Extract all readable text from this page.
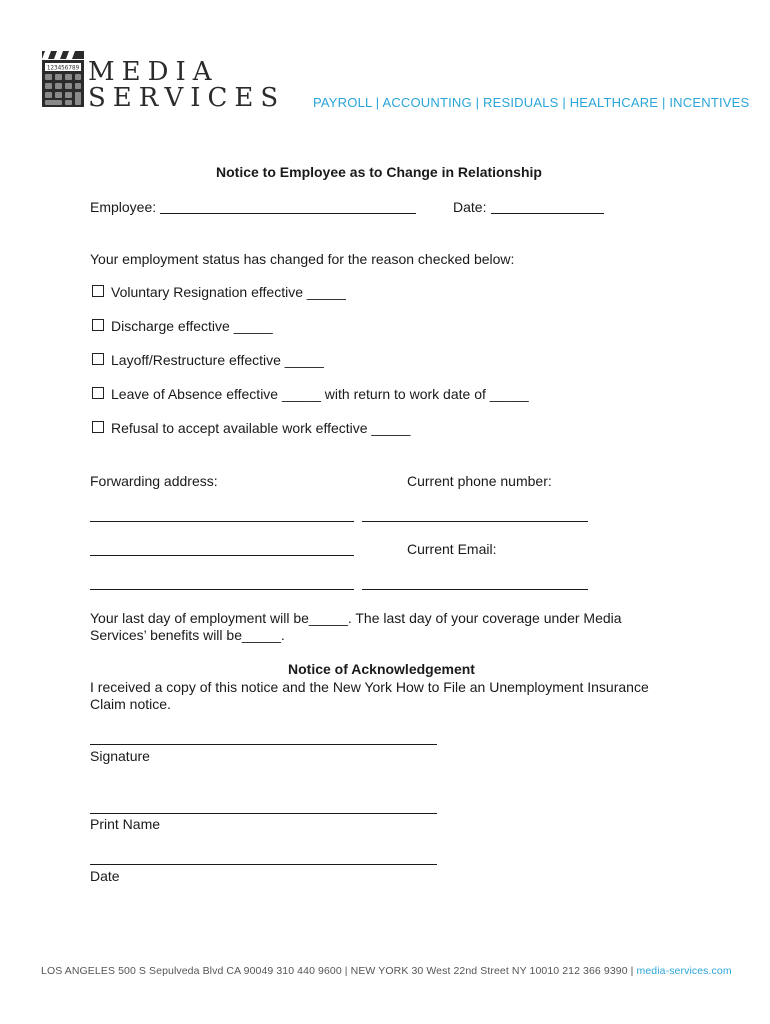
123456789 MEDIA
SERVICES PAYROLL | ACCOUNTING | RESIDUALS | HEALTHCARE | INCENTIVES
Notice to Employee as to Change in Relationship
Employee:	Date:
Your employment status has changed for the reason checked below:
Voluntary Resignation effective _____
Discharge effective _____
Layoff/Restructure effective _____
Leave of Absence effective _____ with return to work date of _____
Refusal to accept available work effective _____
Forwarding address:	Current phone number:
Current Email:
Your last day of employment will be_____. The last day of your coverage under Media
Services’ benefits will be_____.
Notice of Acknowledgement
I received a copy of this notice and the New York How to File an Unemployment Insurance
Claim notice.
Signature
Print Name
Date
LOS ANGELES 500 S Sepulveda Blvd CA 90049 310 440 9600 | NEW YORK 30 West 22nd Street NY 10010 212 366 9390 | media-services.com
